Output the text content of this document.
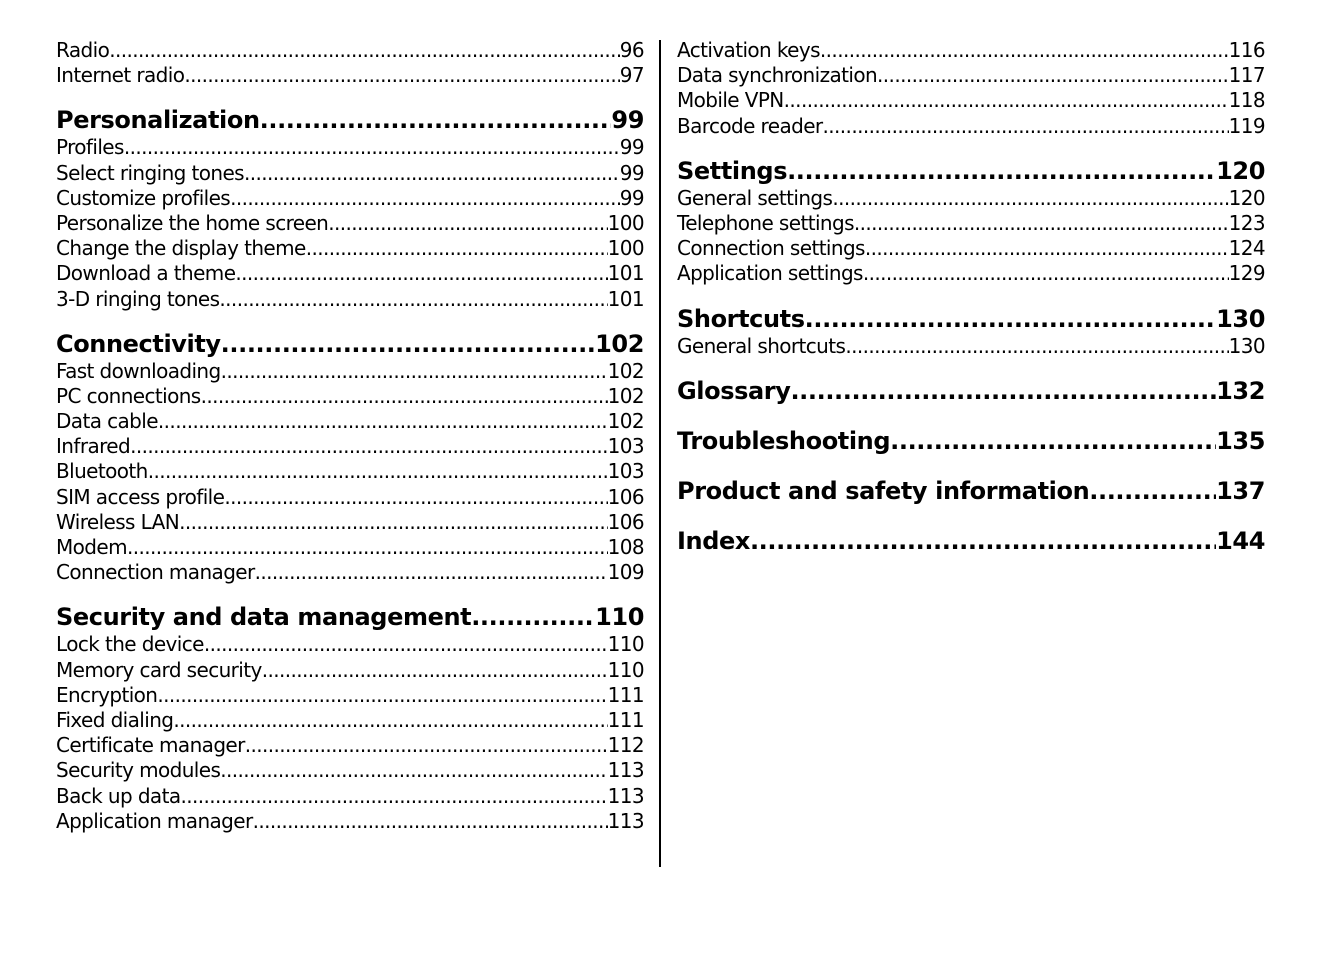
Radio .....	96
Internet radio .....	97
Personalization .....	99
Profiles .....	99
Select ringing tones .....	99
Customize profiles .....	99
Personalize the home screen .....	100
Change the display theme .....	100
Download a theme .....	101
3-D ringing tones .....	101
Connectivity .....	102
Fast downloading .....	102
PC connections .....	102
Data cable .....	102
Infrared .....	103
Bluetooth .....	103
SIM access profile .....	106
Wireless LAN .....	106
Modem .....	108
Connection manager .....	109
Security and data management .....	110
Lock the device .....	110
Memory card security .....	110
Encryption .....	111
Fixed dialing .....	111
Certificate manager .....	112
Security modules .....	113
Back up data .....	113
Application manager .....	113
Activation keys .....	116
Data synchronization .....	117
Mobile VPN .....	118
Barcode reader .....	119
Settings .....	120
General settings .....	120
Telephone settings .....	123
Connection settings .....	124
Application settings .....	129
Shortcuts .....	130
General shortcuts .....	130
Glossary .....	132
Troubleshooting .....	135
Product and safety information .....	137
Index .....	144
